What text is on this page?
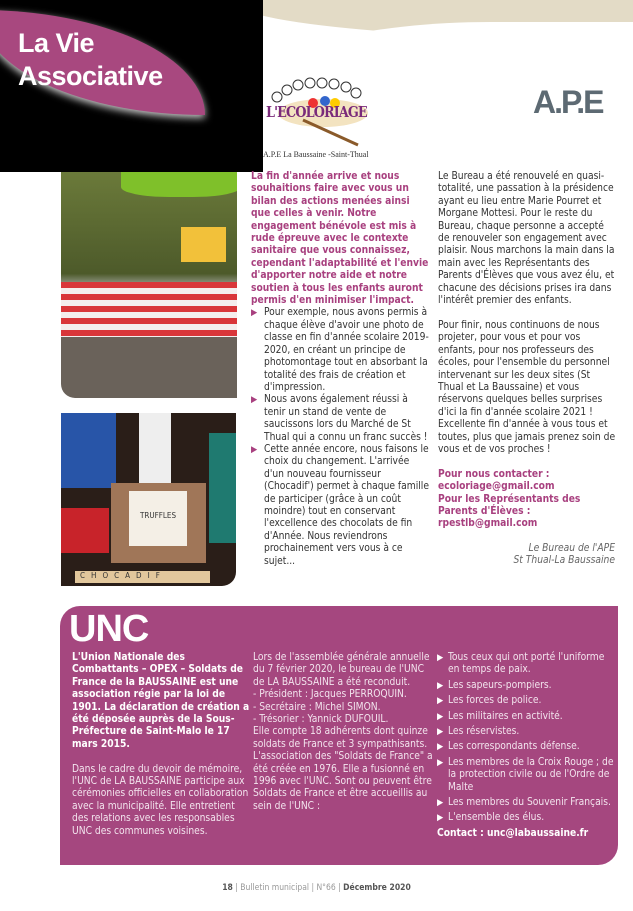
La Vie
Associative
L'ECOLORIAGE
A.P.E La Baussaine -Saint-Thual
A.P.E
TRUFFLES
CHOCADIF

La fin d'année arrive et nous souhaitions faire avec vous un bilan des actions menées ainsi que celles à venir. Notre engagement bénévole est mis à rude épreuve avec le contexte sanitaire que vous connaissez, cependant l'adaptabilité et l'envie d'apporter notre aide et notre soutien à tous les enfants auront permis d'en minimiser l'impact.

▶ Pour exemple, nous avons permis à chaque élève d'avoir une photo de classe en fin d'année scolaire 2019-2020, en créant un principe de photomontage tout en absorbant la totalité des frais de création et d'impression.

▶ Nous avons également réussi à tenir un stand de vente de saucissons lors du Marché de St Thual qui a connu un franc succès !

▶ Cette année encore, nous faisons le choix du changement. L'arrivée d'un nouveau fournisseur (Chocadif') permet à chaque famille de participer (grâce à un coût moindre) tout en conservant l'excellence des chocolats de fin d'Année. Nous reviendrons prochainement vers vous à ce sujet...

Le Bureau a été renouvelé en quasi-totalité, une passation à la présidence ayant eu lieu entre Marie Pourret et Morgane Mottesi. Pour le reste du Bureau, chaque personne a accepté de renouveler son engagement avec plaisir. Nous marchons la main dans la main avec les Représentants des Parents d'Élèves que vous avez élu, et chacune des décisions prises ira dans l'intérêt premier des enfants.

Pour finir, nous continuons de nous projeter, pour vous et pour vos enfants, pour nos professeurs des écoles, pour l'ensemble du personnel intervenant sur les deux sites (St Thual et La Baussaine) et vous réservons quelques belles surprises d'ici la fin d'année scolaire 2021 ! Excellente fin d'année à vous tous et toutes, plus que jamais prenez soin de vous et de vos proches !

Pour nous contacter : ecoloriage@gmail.com

Pour les Représentants des Parents d'Élèves : rpestlb@gmail.com

Le Bureau de l'APE
St Thual-La Baussaine

UNC

L'Union Nationale des Combattants – OPEX – Soldats de France de la BAUSSAINE est une association régie par la loi de 1901. La déclaration de création a été déposée auprès de la Sous-Préfecture de Saint-Malo le 17 mars 2015.

Dans le cadre du devoir de mémoire, l'UNC de LA BAUSSAINE participe aux cérémonies officielles en collaboration avec la municipalité. Elle entretient des relations avec les responsables UNC des communes voisines.

Lors de l'assemblée générale annuelle du 7 février 2020, le bureau de l'UNC de LA BAUSSAINE a été reconduit.

- Président : Jacques PERROQUIN.

- Secrétaire : Michel SIMON.

- Trésorier : Yannick DUFOUIL.

Elle compte 18 adhérents dont quinze soldats de France et 3 sympathisants. L'association des "Soldats de France" a été créée en 1976. Elle a fusionné en 1996 avec l'UNC. Sont ou peuvent être Soldats de France et être accueillis au sein de l'UNC :

▶ Tous ceux qui ont porté l'uniforme en temps de paix.

▶ Les sapeurs-pompiers.

▶ Les forces de police.

▶ Les militaires en activité.

▶ Les réservistes.

▶ Les correspondants défense.

▶ Les membres de la Croix Rouge ; de la protection civile ou de l'Ordre de Malte

▶ Les membres du Souvenir Français.

▶ L'ensemble des élus.

Contact : unc@labaussaine.fr

18 | Bulletin municipal | N°66 | Décembre 2020
